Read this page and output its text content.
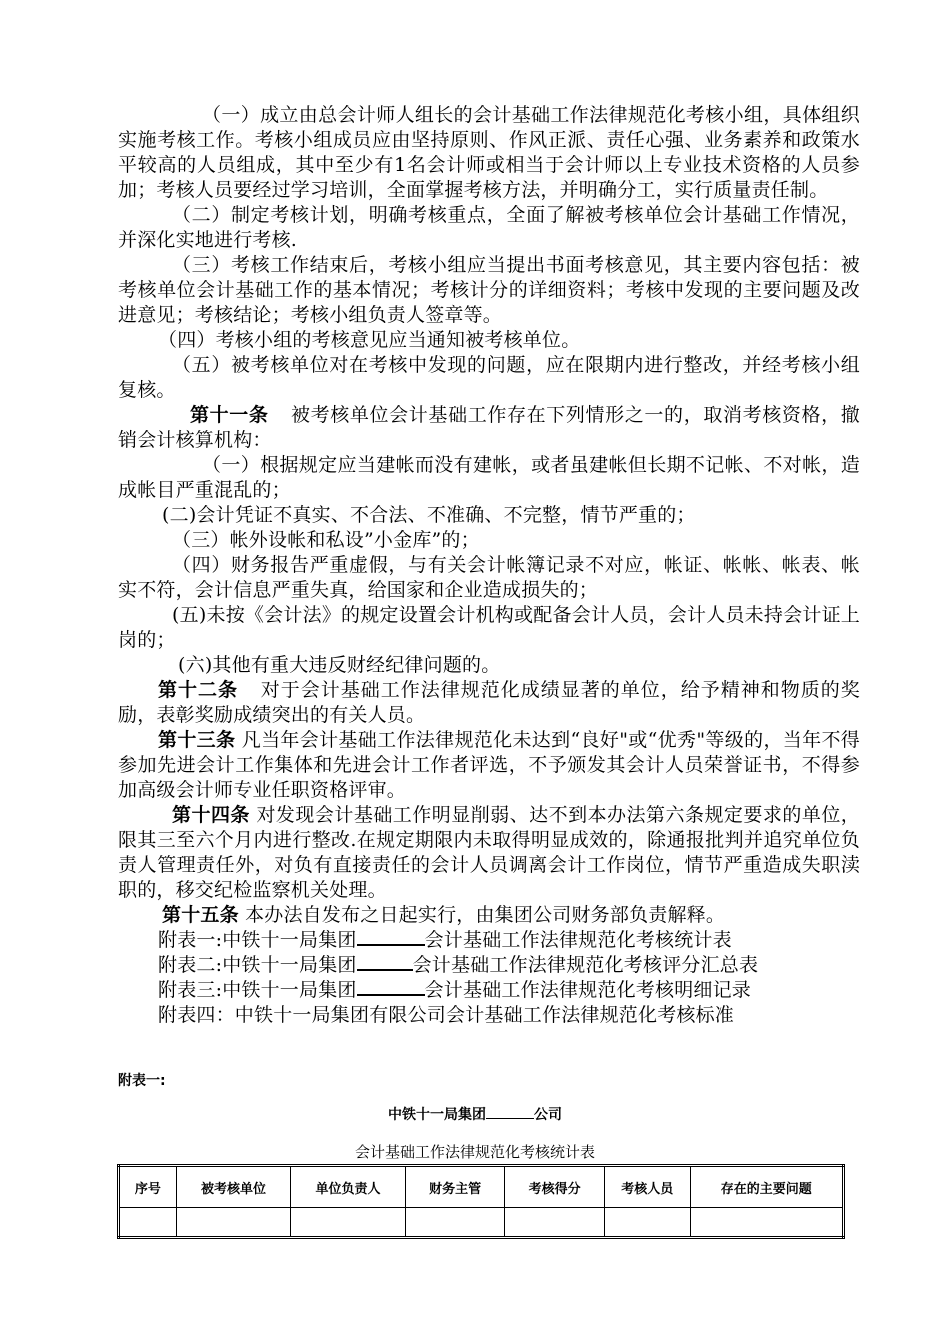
（一）成立由总会计师人组长的会计基础工作法律规范化考核小组，具体组织实施考核工作。考核小组成员应由坚持原则、作风正派、责任心强、业务素养和政策水平较高的人员组成，其中至少有1名会计师或相当于会计师以上专业技术资格的人员参加；考核人员要经过学习培训，全面掌握考核方法，并明确分工，实行质量责任制。

（二）制定考核计划，明确考核重点，全面了解被考核单位会计基础工作情况，并深化实地进行考核.

（三）考核工作结束后，考核小组应当提出书面考核意见，其主要内容包括：被考核单位会计基础工作的基本情况；考核计分的详细资料；考核中发现的主要问题及改进意见；考核结论；考核小组负责人签章等。

（四）考核小组的考核意见应当通知被考核单位。

（五）被考核单位对在考核中发现的问题，应在限期内进行整改，并经考核小组复核。

第十一条 被考核单位会计基础工作存在下列情形之一的，取消考核资格，撤销会计核算机构：

（一）根据规定应当建帐而没有建帐，或者虽建帐但长期不记帐、不对帐，造成帐目严重混乱的；

(二)会计凭证不真实、不合法、不准确、不完整，情节严重的；

（三）帐外设帐和私设”小金库”的；

（四）财务报告严重虚假，与有关会计帐簿记录不对应，帐证、帐帐、帐表、帐实不符，会计信息严重失真，给国家和企业造成损失的；

(五)未按《会计法》的规定设置会计机构或配备会计人员，会计人员未持会计证上岗的；

(六)其他有重大违反财经纪律问题的。

第十二条 对于会计基础工作法律规范化成绩显著的单位，给予精神和物质的奖励，表彰奖励成绩突出的有关人员。

第十三条 凡当年会计基础工作法律规范化未达到“良好"或“优秀"等级的，当年不得参加先进会计工作集体和先进会计工作者评选，不予颁发其会计人员荣誉证书，不得参加高级会计师专业任职资格评审。

第十四条 对发现会计基础工作明显削弱、达不到本办法第六条规定要求的单位，限其三至六个月内进行整改.在规定期限内未取得明显成效的，除通报批判并追究单位负责人管理责任外，对负有直接责任的会计人员调离会计工作岗位，情节严重造成失职渎职的，移交纪检监察机关处理。

第十五条 本办法自发布之日起实行，由集团公司财务部负责解释。

附表一:中铁十一局集团	会计基础工作法律规范化考核统计表

附表二:中铁十一局集团	会计基础工作法律规范化考核评分汇总表

附表三:中铁十一局集团	会计基础工作法律规范化考核明细记录

附表四：中铁十一局集团有限公司会计基础工作法律规范化考核标准

附表一:
中铁十一局集团	公司
会计基础工作法律规范化考核统计表
序号	被考核单位	单位负责人	财务主管	考核得分	考核人员	存在的主要问题
